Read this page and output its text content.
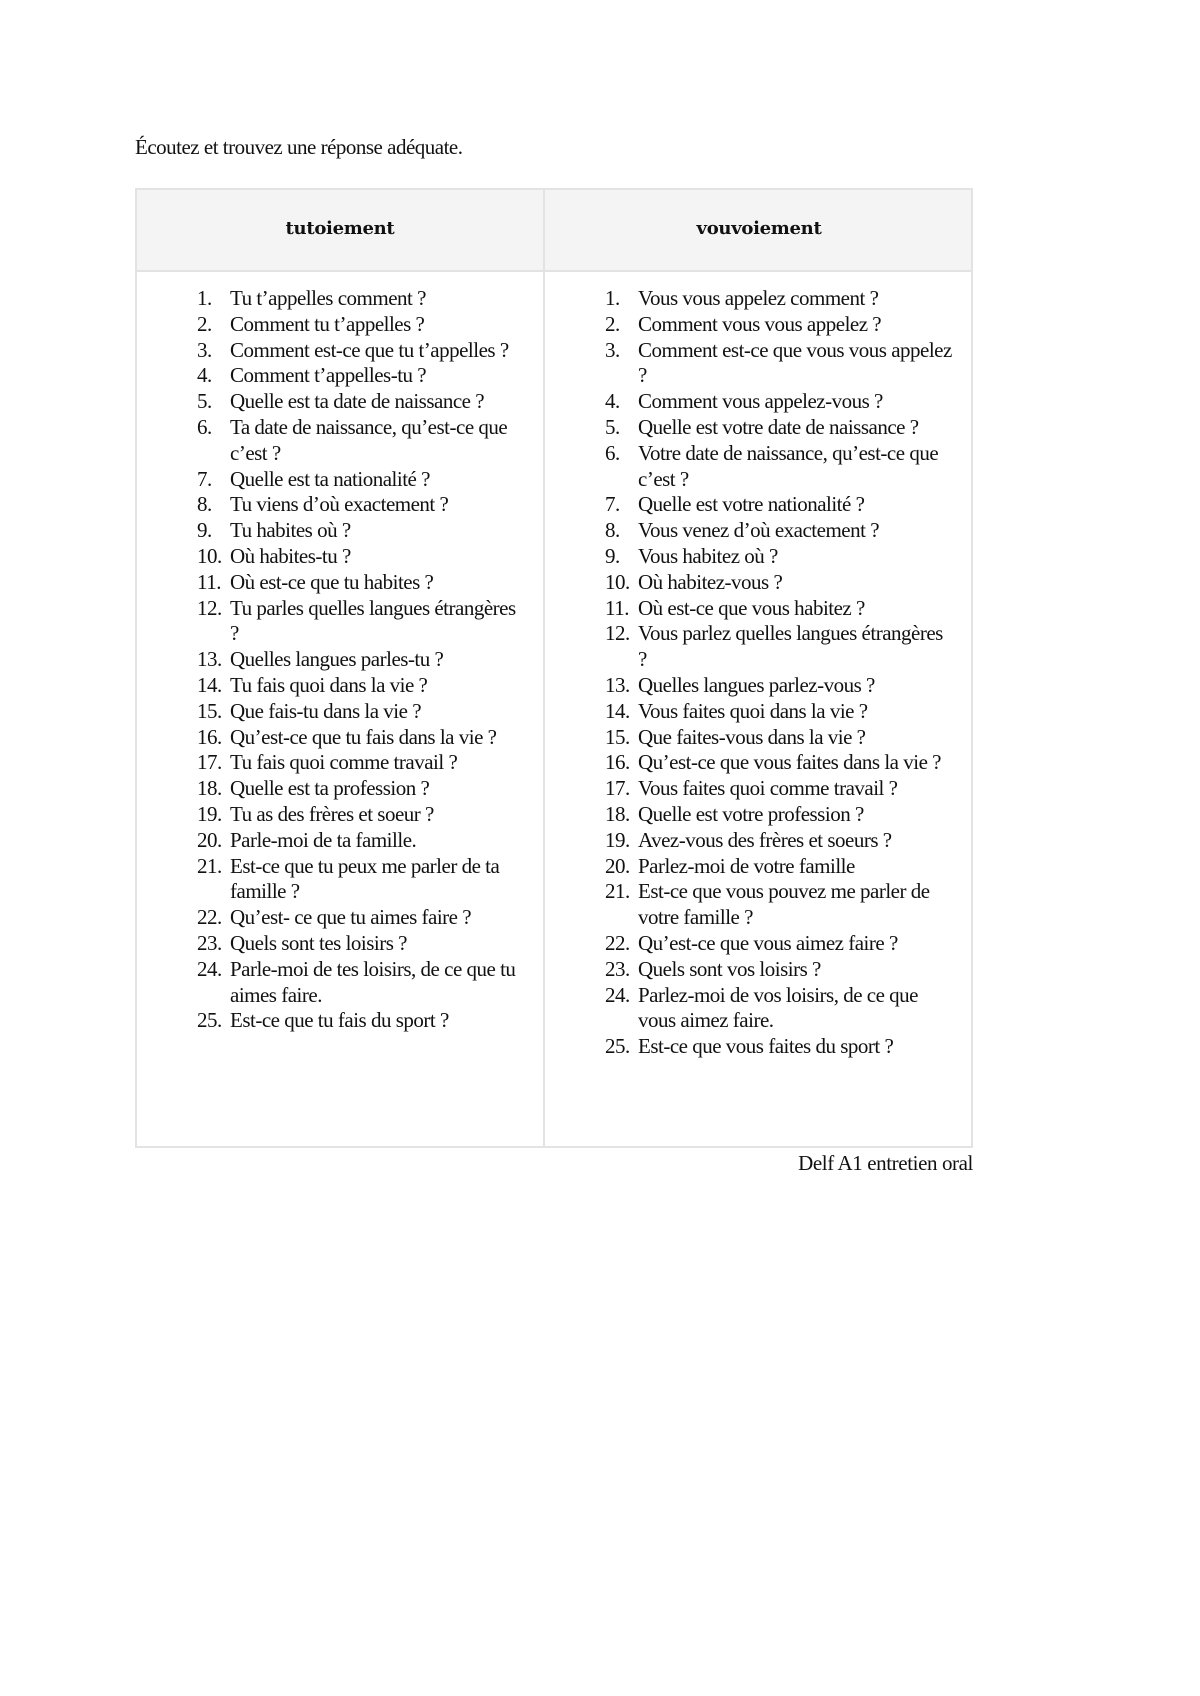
Écoutez et trouvez une réponse adéquate.
tutoiement	vouvoiement
1. Tu t’appelles comment ?
2. Comment tu t’appelles ?
3. Comment est-ce que tu t’appelles ?
4. Comment t’appelles-tu ?
5. Quelle est ta date de naissance ?
6. Ta date de naissance, qu’est-ce que c’est ?
7. Quelle est ta nationalité ?
8. Tu viens d’où exactement ?
9. Tu habites où ?
10. Où habites-tu ?
11. Où est-ce que tu habites ?
12. Tu parles quelles langues étrangères ?
13. Quelles langues parles-tu ?
14. Tu fais quoi dans la vie ?
15. Que fais-tu dans la vie ?
16. Qu’est-ce que tu fais dans la vie ?
17. Tu fais quoi comme travail ?
18. Quelle est ta profession ?
19. Tu as des frères et soeur ?
20. Parle-moi de ta famille.
21. Est-ce que tu peux me parler de ta famille ?
22. Qu’est- ce que tu aimes faire ?
23. Quels sont tes loisirs ?
24. Parle-moi de tes loisirs, de ce que tu aimes faire.
25. Est-ce que tu fais du sport ?
1. Vous vous appelez comment ?
2. Comment vous vous appelez ?
3. Comment est-ce que vous vous appelez ?
4. Comment vous appelez-vous ?
5. Quelle est votre date de naissance ?
6. Votre date de naissance, qu’est-ce que c’est ?
7. Quelle est votre nationalité ?
8. Vous venez d’où exactement ?
9. Vous habitez où ?
10. Où habitez-vous ?
11. Où est-ce que vous habitez ?
12. Vous parlez quelles langues étrangères ?
13. Quelles langues parlez-vous ?
14. Vous faites quoi dans la vie ?
15. Que faites-vous dans la vie ?
16. Qu’est-ce que vous faites dans la vie ?
17. Vous faites quoi comme travail ?
18. Quelle est votre profession ?
19. Avez-vous des frères et soeurs ?
20. Parlez-moi de votre famille
21. Est-ce que vous pouvez me parler de votre famille ?
22. Qu’est-ce que vous aimez faire ?
23. Quels sont vos loisirs ?
24. Parlez-moi de vos loisirs, de ce que vous aimez faire.
25. Est-ce que vous faites du sport ?
Delf A1 entretien oral
